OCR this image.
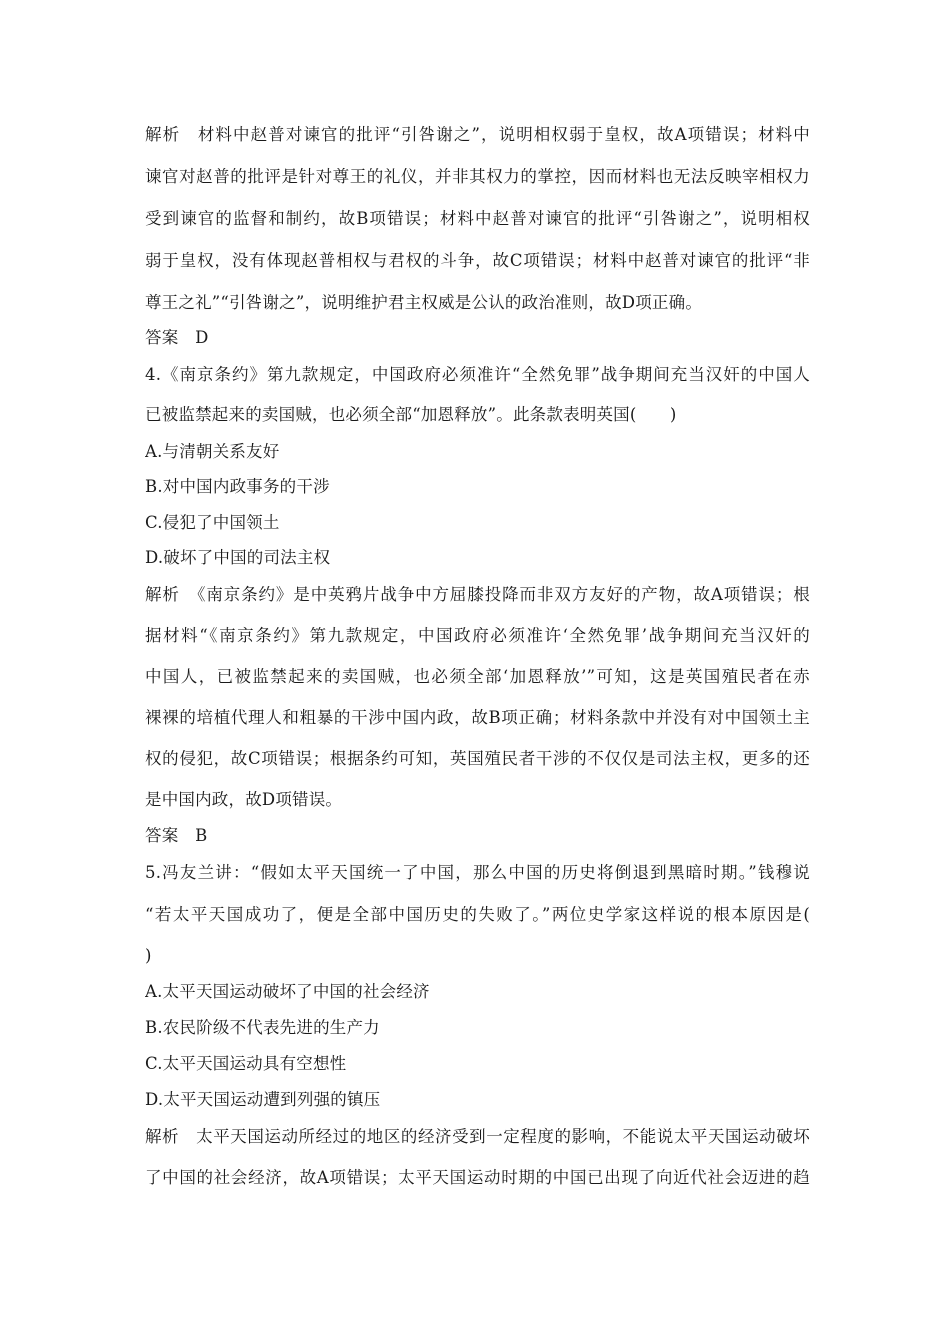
解析　材料中赵普对谏官的批评“引咎谢之”，说明相权弱于皇权，故A项错误；材料中
谏官对赵普的批评是针对尊王的礼仪，并非其权力的掌控，因而材料也无法反映宰相权力
受到谏官的监督和制约，故B项错误；材料中赵普对谏官的批评“引咎谢之”，说明相权
弱于皇权，没有体现赵普相权与君权的斗争，故C项错误；材料中赵普对谏官的批评“非
尊王之礼”“引咎谢之”，说明维护君主权威是公认的政治准则，故D项正确。
答案　D
4.《南京条约》第九款规定，中国政府必须准许“全然免罪”战争期间充当汉奸的中国人
已被监禁起来的卖国贼，也必须全部“加恩释放”。此条款表明英国(　　)
A.与清朝关系友好
B.对中国内政事务的干涉
C.侵犯了中国领土
D.破坏了中国的司法主权
解析　《南京条约》是中英鸦片战争中方屈膝投降而非双方友好的产物，故A项错误；根
据材料“《南京条约》第九款规定，中国政府必须准许‘全然免罪’战争期间充当汉奸的
中国人，已被监禁起来的卖国贼，也必须全部‘加恩释放’”可知，这是英国殖民者在赤
裸裸的培植代理人和粗暴的干涉中国内政，故B项正确；材料条款中并没有对中国领土主
权的侵犯，故C项错误；根据条约可知，英国殖民者干涉的不仅仅是司法主权，更多的还
是中国内政，故D项错误。
答案　B
5.冯友兰讲：“假如太平天国统一了中国，那么中国的历史将倒退到黑暗时期。”钱穆说
“若太平天国成功了，便是全部中国历史的失败了。”两位史学家这样说的根本原因是(
)
A.太平天国运动破坏了中国的社会经济
B.农民阶级不代表先进的生产力
C.太平天国运动具有空想性
D.太平天国运动遭到列强的镇压
解析　太平天国运动所经过的地区的经济受到一定程度的影响，不能说太平天国运动破坏
了中国的社会经济，故A项错误；太平天国运动时期的中国已出现了向近代社会迈进的趋
